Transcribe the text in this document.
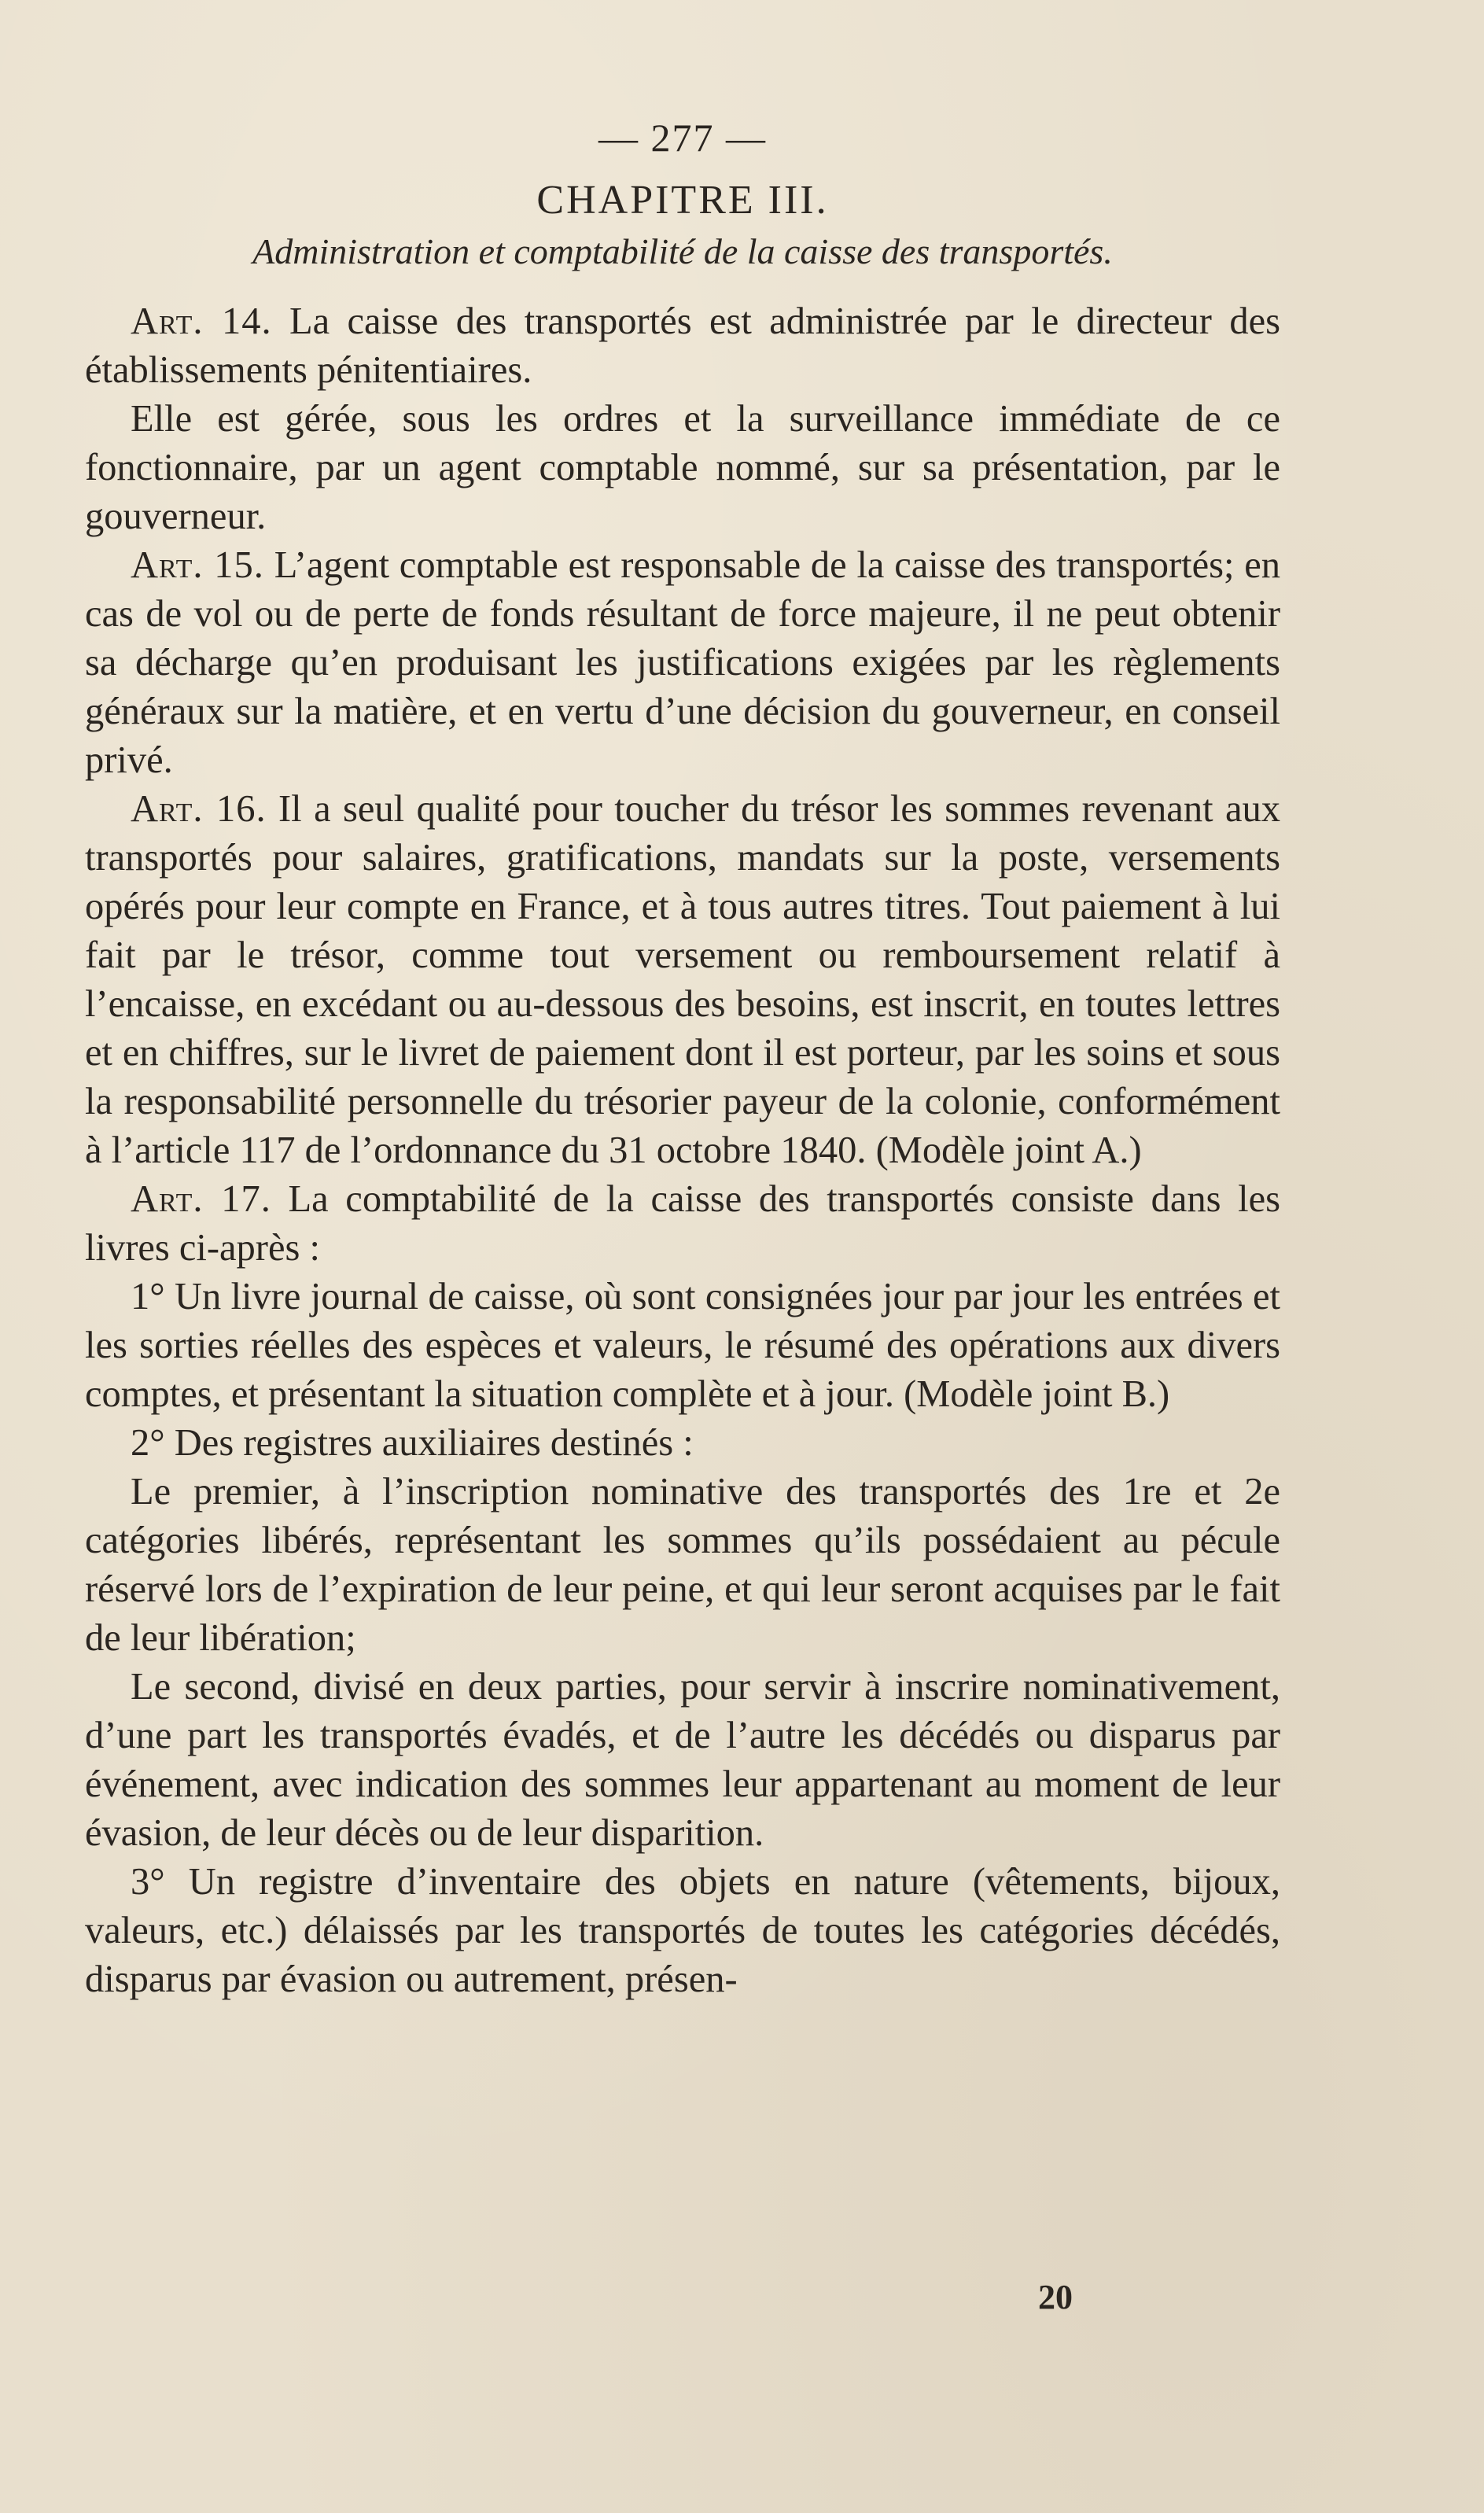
— 277 —
CHAPITRE III.
Administration et comptabilité de la caisse des transportés.

Art. 14. La caisse des transportés est administrée par le directeur des établissements pénitentiaires.

Elle est gérée, sous les ordres et la surveillance immédiate de ce fonctionnaire, par un agent comptable nommé, sur sa présentation, par le gouverneur.

Art. 15. L’agent comptable est responsable de la caisse des transportés; en cas de vol ou de perte de fonds résultant de force majeure, il ne peut obtenir sa décharge qu’en produisant les justifications exigées par les règlements généraux sur la matière, et en vertu d’une décision du gouverneur, en conseil privé.

Art. 16. Il a seul qualité pour toucher du trésor les sommes revenant aux transportés pour salaires, gratifications, mandats sur la poste, versements opérés pour leur compte en France, et à tous autres titres. Tout paiement à lui fait par le trésor, comme tout versement ou remboursement relatif à l’encaisse, en excédant ou au-dessous des besoins, est inscrit, en toutes lettres et en chiffres, sur le livret de paiement dont il est porteur, par les soins et sous la responsabilité personnelle du trésorier payeur de la colonie, conformément à l’article 117 de l’ordonnance du 31 octobre 1840. (Modèle joint A.)

Art. 17. La comptabilité de la caisse des transportés consiste dans les livres ci-après :

1° Un livre journal de caisse, où sont consignées jour par jour les entrées et les sorties réelles des espèces et valeurs, le résumé des opérations aux divers comptes, et présentant la situation complète et à jour. (Modèle joint B.)

2° Des registres auxiliaires destinés :

Le premier, à l’inscription nominative des transportés des 1re et 2e catégories libérés, représentant les sommes qu’ils possédaient au pécule réservé lors de l’expiration de leur peine, et qui leur seront acquises par le fait de leur libération;

Le second, divisé en deux parties, pour servir à inscrire nominativement, d’une part les transportés évadés, et de l’autre les décédés ou disparus par événement, avec indication des sommes leur appartenant au moment de leur évasion, de leur décès ou de leur disparition.

3° Un registre d’inventaire des objets en nature (vêtements, bijoux, valeurs, etc.) délaissés par les transportés de toutes les catégories décédés, disparus par évasion ou autrement, présen-

20
